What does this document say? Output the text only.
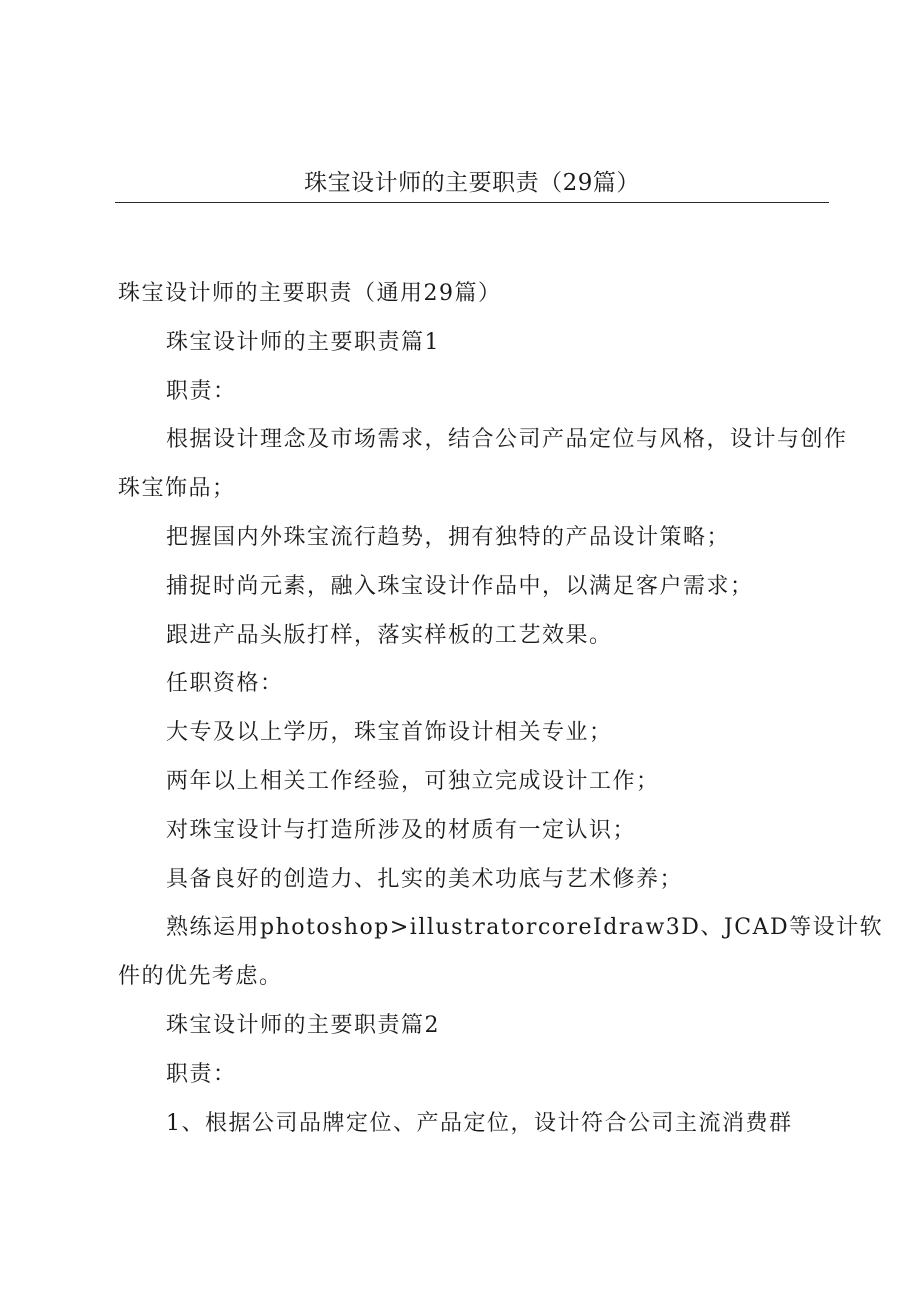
珠宝设计师的主要职责（29篇）

珠宝设计师的主要职责（通用29篇）

珠宝设计师的主要职责篇1

职责：

根据设计理念及市场需求，结合公司产品定位与风格，设计与创作

珠宝饰品；

把握国内外珠宝流行趋势，拥有独特的产品设计策略；

捕捉时尚元素，融入珠宝设计作品中，以满足客户需求；

跟进产品头版打样，落实样板的工艺效果。

任职资格：

大专及以上学历，珠宝首饰设计相关专业；

两年以上相关工作经验，可独立完成设计工作；

对珠宝设计与打造所涉及的材质有一定认识；

具备良好的创造力、扎实的美术功底与艺术修养；

熟练运用photoshop>illustratorcoreIdraw3D、JCAD等设计软

件的优先考虑。

珠宝设计师的主要职责篇2

职责：

1、根据公司品牌定位、产品定位，设计符合公司主流消费群
